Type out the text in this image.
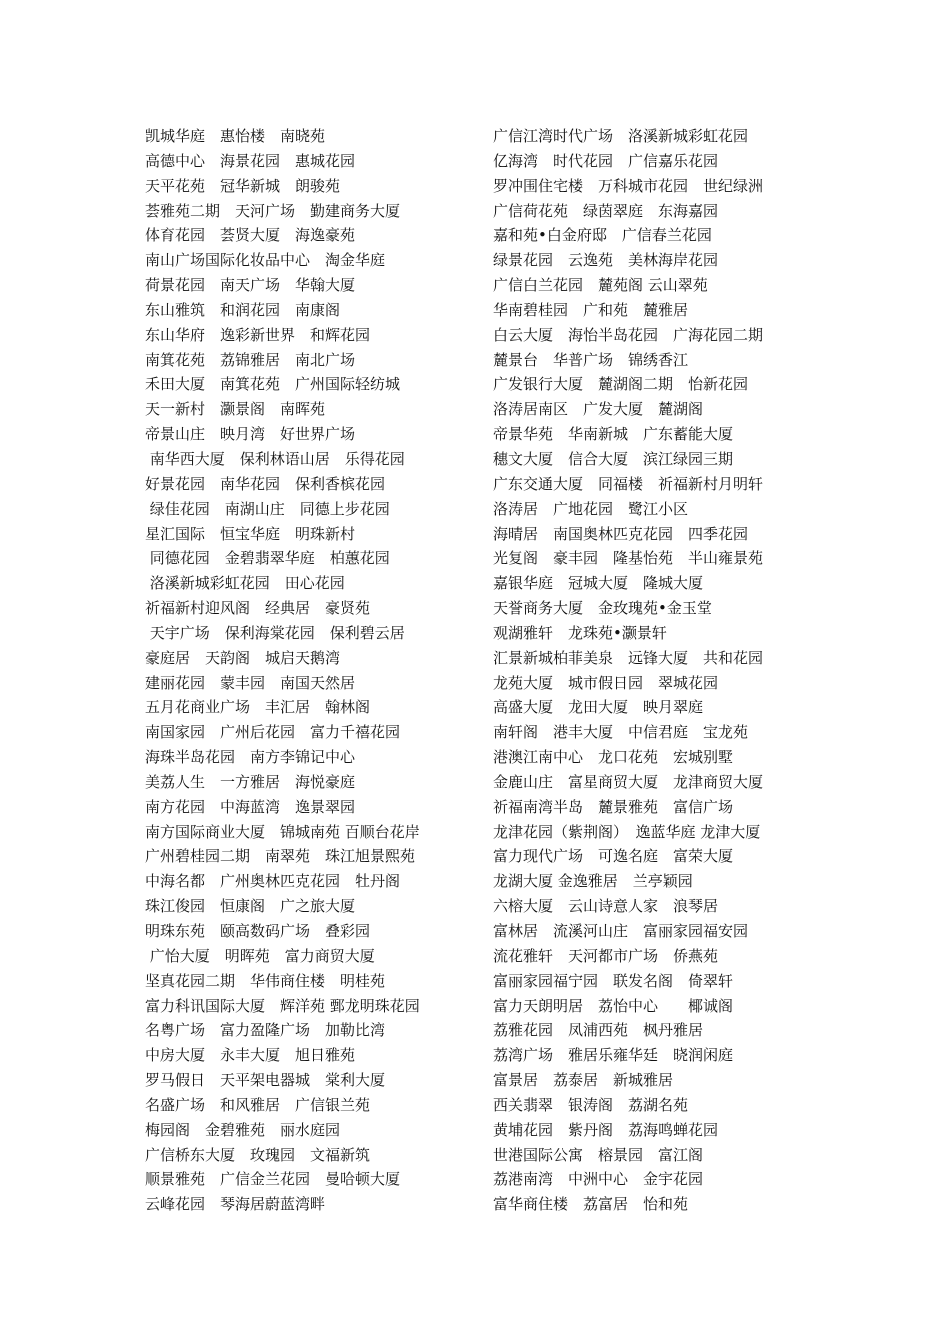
凯城华庭　惠怡楼　南晓苑
高德中心　海景花园　惠城花园
天平花苑　冠华新城　朗骏苑
荟雅苑二期　天河广场　勤建商务大厦
体育花园　荟贤大厦　海逸豪苑
南山广场国际化妆品中心　淘金华庭
荷景花园　南天广场　华翰大厦
东山雅筑　和润花园　南康阁
东山华府　逸彩新世界　和辉花园
南箕花苑　荔锦雅居　南北广场
禾田大厦　南箕花苑　广州国际轻纺城
天一新村　灏景阁　南晖苑
帝景山庄　映月湾　好世界广场
南华西大厦　保利林语山居　乐得花园
好景花园　南华花园　保利香槟花园
绿佳花园　南湖山庄　同德上步花园
星汇国际　恒宝华庭　明珠新村
同德花园　金碧翡翠华庭　柏蕙花园
洛溪新城彩虹花园　田心花园
祈福新村迎风阁　经典居　豪贤苑
天宇广场　保利海棠花园　保利碧云居
豪庭居　天韵阁　城启天鹅湾
建丽花园　蒙丰园　南国天然居
五月花商业广场　丰汇居　翰林阁
南国家园　广州后花园　富力千禧花园
海珠半岛花园　南方李锦记中心
美荔人生　一方雅居　海悦豪庭
南方花园　中海蓝湾　逸景翠园
南方国际商业大厦　锦城南苑 百顺台花岸
广州碧桂园二期　南翠苑　珠江旭景熙苑
中海名都　广州奥林匹克花园　牡丹阁
珠江俊园　恒康阁　广之旅大厦
明珠东苑　颐高数码广场　叠彩园
广怡大厦　明晖苑　富力商贸大厦
坚真花园二期　华伟商住楼　明桂苑
富力科讯国际大厦　辉洋苑 鄄龙明珠花园
名粤广场　富力盈隆广场　加勒比湾
中房大厦　永丰大厦　旭日雅苑
罗马假日　天平架电器城　棠利大厦
名盛广场　和风雅居　广信银兰苑
梅园阁　金碧雅苑　丽水庭园
广信桥东大厦　玫瑰园　文福新筑
顺景雅苑　广信金兰花园　曼哈顿大厦
云峰花园　琴海居蔚蓝湾畔
广信江湾时代广场　洛溪新城彩虹花园
亿海湾　时代花园　广信嘉乐花园
罗冲围住宅楼　万科城市花园　世纪绿洲
广信荷花苑　绿茵翠庭　东海嘉园
嘉和苑•白金府邸　广信春兰花园
绿景花园　云逸苑　美林海岸花园
广信白兰花园　麓苑阁 云山翠苑
华南碧桂园　广和苑　麓雅居
白云大厦　海怡半岛花园　广海花园二期
麓景台　华普广场　锦绣香江
广发银行大厦　麓湖阁二期　怡新花园
洛涛居南区　广发大厦　麓湖阁
帝景华苑　华南新城　广东蓄能大厦
穗文大厦　信合大厦　滨江绿园三期
广东交通大厦　同福楼　祈福新村月明轩
洛涛居　广地花园　鹭江小区
海晴居　南国奥林匹克花园　四季花园
光复阁　豪丰园　隆基怡苑　半山雍景苑
嘉银华庭　冠城大厦　隆城大厦
天誉商务大厦　金玫瑰苑•金玉堂
观湖雅轩　龙珠苑•灏景轩
汇景新城柏菲美泉　远锋大厦　共和花园
龙苑大厦　城市假日园　翠城花园
高盛大厦　龙田大厦　映月翠庭
南轩阁　港丰大厦　中信君庭　宝龙苑
港澳江南中心　龙口花苑　宏城别墅
金鹿山庄　富星商贸大厦　龙津商贸大厦
祈福南湾半岛　麓景雅苑　富信广场
龙津花园（紫荆阁）　逸蓝华庭 龙津大厦
富力现代广场　可逸名庭　富荣大厦
龙湖大厦 金逸雅居　兰亭颖园
六榕大厦　云山诗意人家　浪琴居
富林居　流溪河山庄　富丽家园福安园
流花雅轩　天河都市广场　侨燕苑
富丽家园福宁园　联发名阁　倚翠轩
富力天朗明居　荔怡中心　　椰诚阁
荔雅花园　凤浦西苑　枫丹雅居
荔湾广场　雅居乐雍华廷　晓润闲庭
富景居　荔泰居　新城雅居
西关翡翠　银涛阁　荔湖名苑
黄埔花园　紫丹阁　荔海鸣蝉花园
世港国际公寓　榕景园　富江阁
荔港南湾　中洲中心　金宇花园
富华商住楼　荔富居　怡和苑
